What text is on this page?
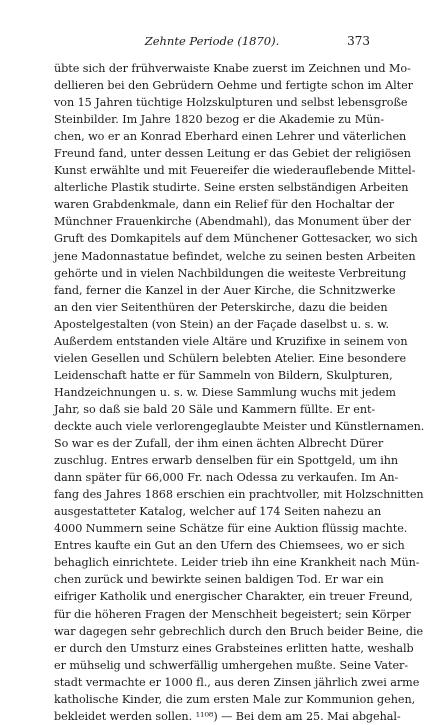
Zehnte Periode (1870).	373
übte sich der frühverwaiste Knabe zuerst im Zeichnen und Mo-
dellieren bei den Gebrüdern Oehme und fertigte schon im Alter
von 15 Jahren tüchtige Holzskulpturen und selbst lebensgroße
Steinbilder. Im Jahre 1820 bezog er die Akademie zu Mün-
chen, wo er an Konrad Eberhard einen Lehrer und väterlichen
Freund fand, unter dessen Leitung er das Gebiet der religiösen
Kunst erwählte und mit Feuereifer die wiederauflebende Mittel-
alterliche Plastik studirte. Seine ersten selbständigen Arbeiten
waren Grabdenkmale, dann ein Relief für den Hochaltar der
Münchner Frauenkirche (Abendmahl), das Monument über der
Gruft des Domkapitels auf dem Münchener Gottesacker, wo sich
jene Madonnastatue befindet, welche zu seinen besten Arbeiten
gehörte und in vielen Nachbildungen die weiteste Verbreitung
fand, ferner die Kanzel in der Auer Kirche, die Schnitzwerke
an den vier Seitenthüren der Peterskirche, dazu die beiden
Apostelgestalten (von Stein) an der Façade daselbst u. s. w.
Außerdem entstanden viele Altäre und Kruzifixe in seinem von
vielen Gesellen und Schülern belebten Atelier. Eine besondere
Leidenschaft hatte er für Sammeln von Bildern, Skulpturen,
Handzeichnungen u. s. w. Diese Sammlung wuchs mit jedem
Jahr, so daß sie bald 20 Säle und Kammern füllte. Er ent-
deckte auch viele verlorengeglaubte Meister und Künstlernamen.
So war es der Zufall, der ihm einen ächten Albrecht Dürer
zuschlug. Entres erwarb denselben für ein Spottgeld, um ihn
dann später für 66,000 Fr. nach Odessa zu verkaufen. Im An-
fang des Jahres 1868 erschien ein prachtvoller, mit Holzschnitten
ausgestatteter Katalog, welcher auf 174 Seiten nahezu an
4000 Nummern seine Schätze für eine Auktion flüssig machte.
Entres kaufte ein Gut an den Ufern des Chiemsees, wo er sich
behaglich einrichtete. Leider trieb ihn eine Krankheit nach Mün-
chen zurück und bewirkte seinen baldigen Tod. Er war ein
eifriger Katholik und energischer Charakter, ein treuer Freund,
für die höheren Fragen der Menschheit begeistert; sein Körper
war dagegen sehr gebrechlich durch den Bruch beider Beine, die
er durch den Umsturz eines Grabsteines erlitten hatte, weshalb
er mühselig und schwerfällig umhergehen mußte. Seine Vater-
stadt vermachte er 1000 fl., aus deren Zinsen jährlich zwei arme
katholische Kinder, die zum ersten Male zur Kommunion gehen,
bekleidet werden sollen. ¹¹⁰⁸) — Bei dem am 25. Mai abgehal-
